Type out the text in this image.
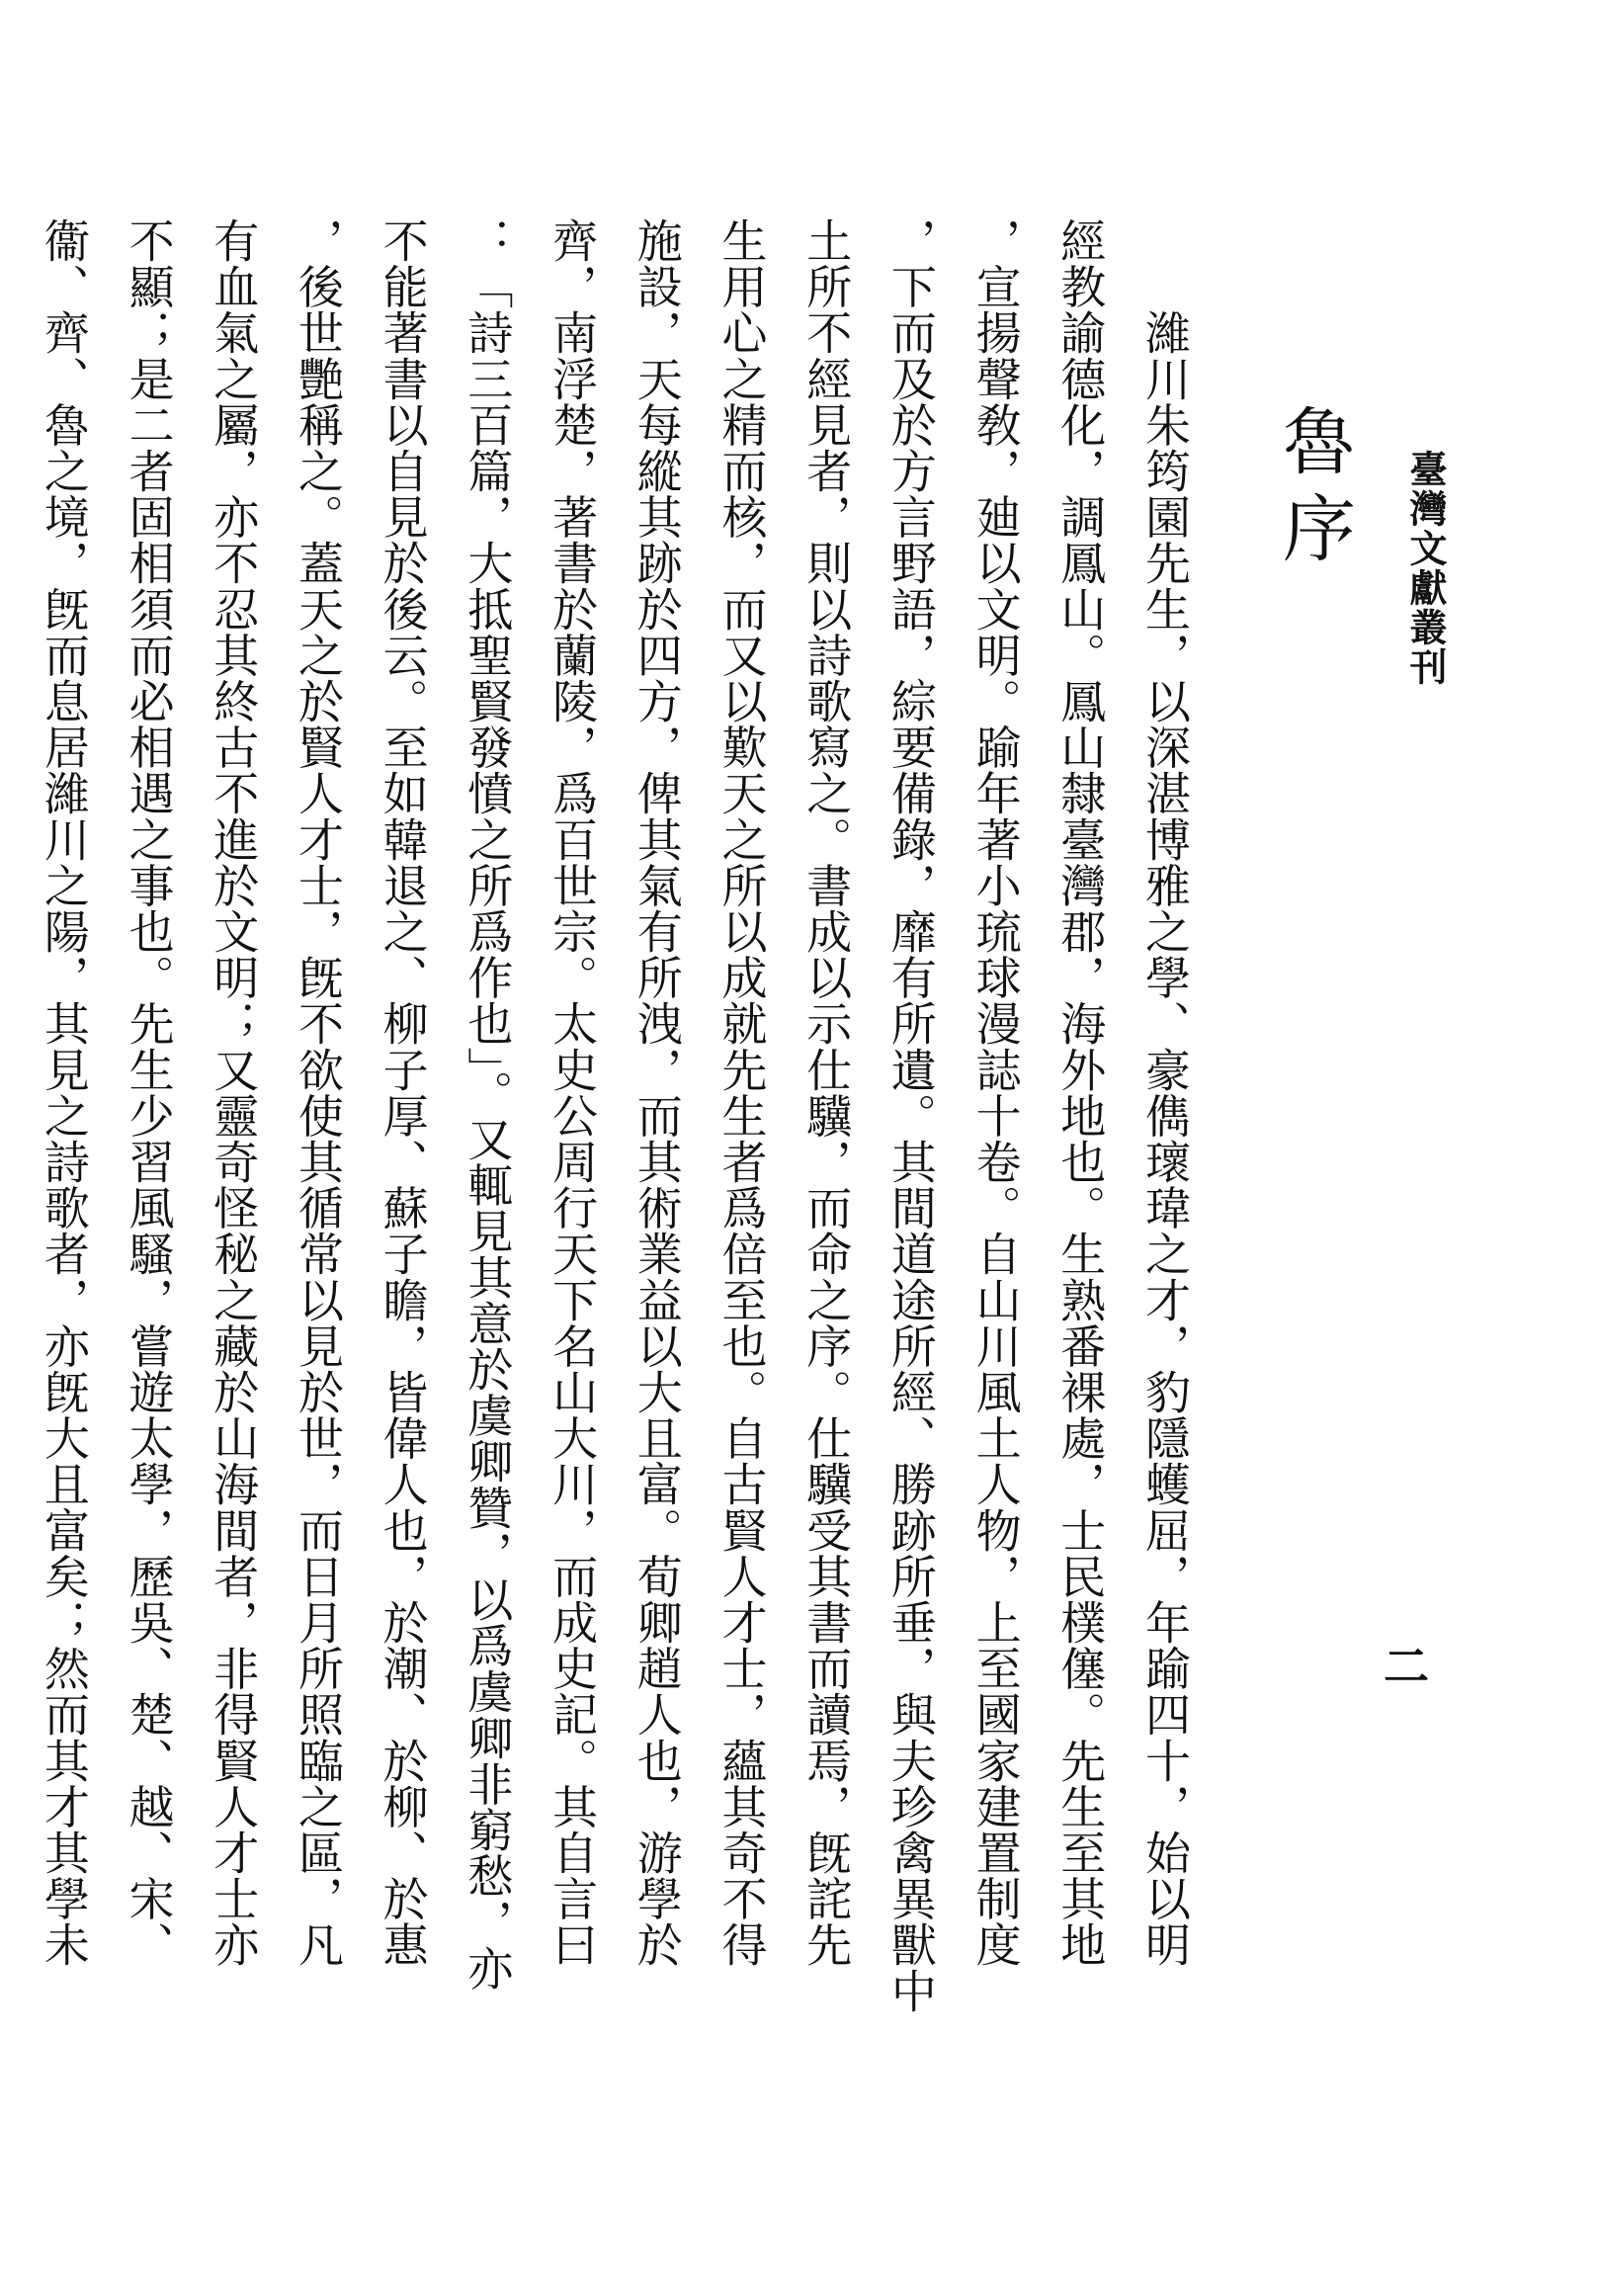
臺灣文獻叢刊
二
魯序
　　濰川朱筠園先生，以深湛博雅之學、豪儁瓌瑋之才，豹隱蠖屈，年踰四十，始以明
經教諭德化，調鳳山。鳳山隸臺灣郡，海外地也。生熟番裸處，士民樸僿。先生至其地
，宣揚聲敎，廸以文明。踰年著小琉球漫誌十卷。自山川風土人物，上至國家建置制度
，下而及於方言野語，綜要備錄，靡有所遺。其間道途所經、勝跡所垂，與夫珍禽異獸中
土所不經見者，則以詩歌寫之。書成以示仕驥，而命之序。仕驥受其書而讀焉，旣詫先
生用心之精而核，而又以歎天之所以成就先生者爲倍至也。自古賢人才士，蘊其奇不得
施設，天每縱其跡於四方，俾其氣有所洩，而其術業益以大且富。荀卿趙人也，游學於
齊，南浮楚，著書於蘭陵，爲百世宗。太史公周行天下名山大川，而成史記。其自言曰
：「詩三百篇，大抵聖賢發憤之所爲作也」。又輒見其意於虞卿贊，以爲虞卿非窮愁，亦
不能著書以自見於後云。至如韓退之、柳子厚、蘇子瞻，皆偉人也，於潮、於柳、於惠
，後世艷稱之。蓋天之於賢人才士，旣不欲使其循常以見於世，而日月所照臨之區，凡
有血氣之屬，亦不忍其終古不進於文明；又靈奇怪秘之藏於山海間者，非得賢人才士亦
不顯；是二者固相須而必相遇之事也。先生少習風騷，嘗遊太學，歷吳、楚、越、宋、
衞、齊、魯之境，旣而息居濰川之陽，其見之詩歌者，亦旣大且富矣；然而其才其學未
